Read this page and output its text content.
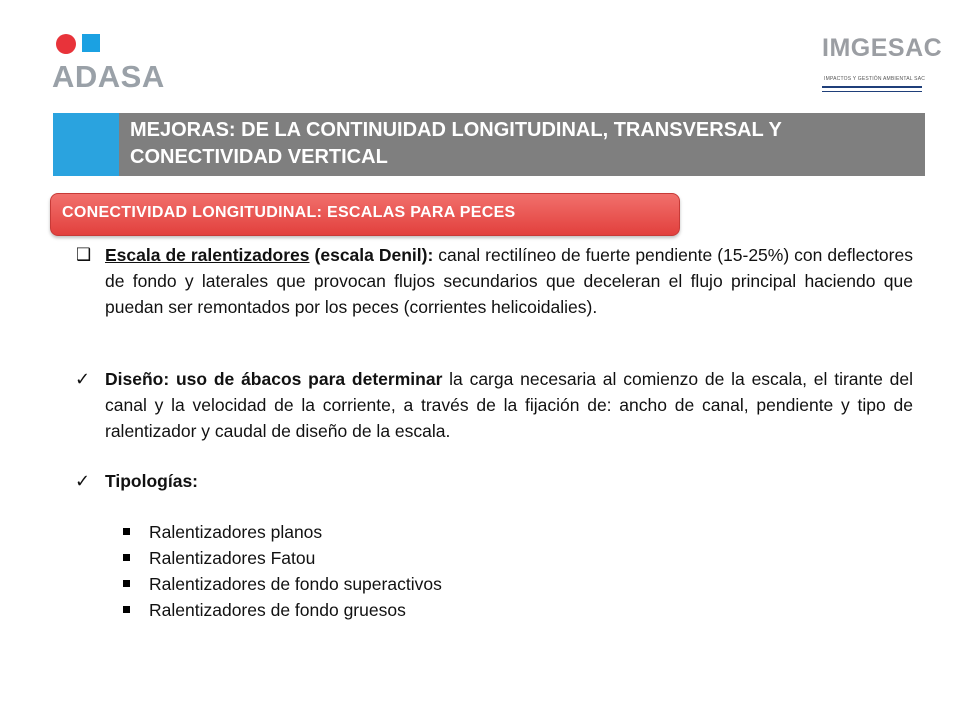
ADASA
IMGESAC
IMPACTOS Y GESTIÓN AMBIENTAL SAC
MEJORAS: DE LA CONTINUIDAD LONGITUDINAL, TRANSVERSAL Y
CONECTIVIDAD VERTICAL
CONECTIVIDAD LONGITUDINAL: ESCALAS PARA PECES
❑ Escala de ralentizadores (escala Denil): canal rectilíneo de fuerte pendiente (15-25%) con deflectores de fondo y laterales que provocan flujos secundarios que deceleran el flujo principal haciendo que puedan ser remontados por los peces (corrientes helicoidalies).
✓ Diseño: uso de ábacos para determinar la carga necesaria al comienzo de la escala, el tirante del canal y la velocidad de la corriente, a través de la fijación de: ancho de canal, pendiente y tipo de ralentizador y caudal de diseño de la escala.
✓ Tipologías:
Ralentizadores planos
Ralentizadores Fatou
Ralentizadores de fondo superactivos
Ralentizadores de fondo gruesos
